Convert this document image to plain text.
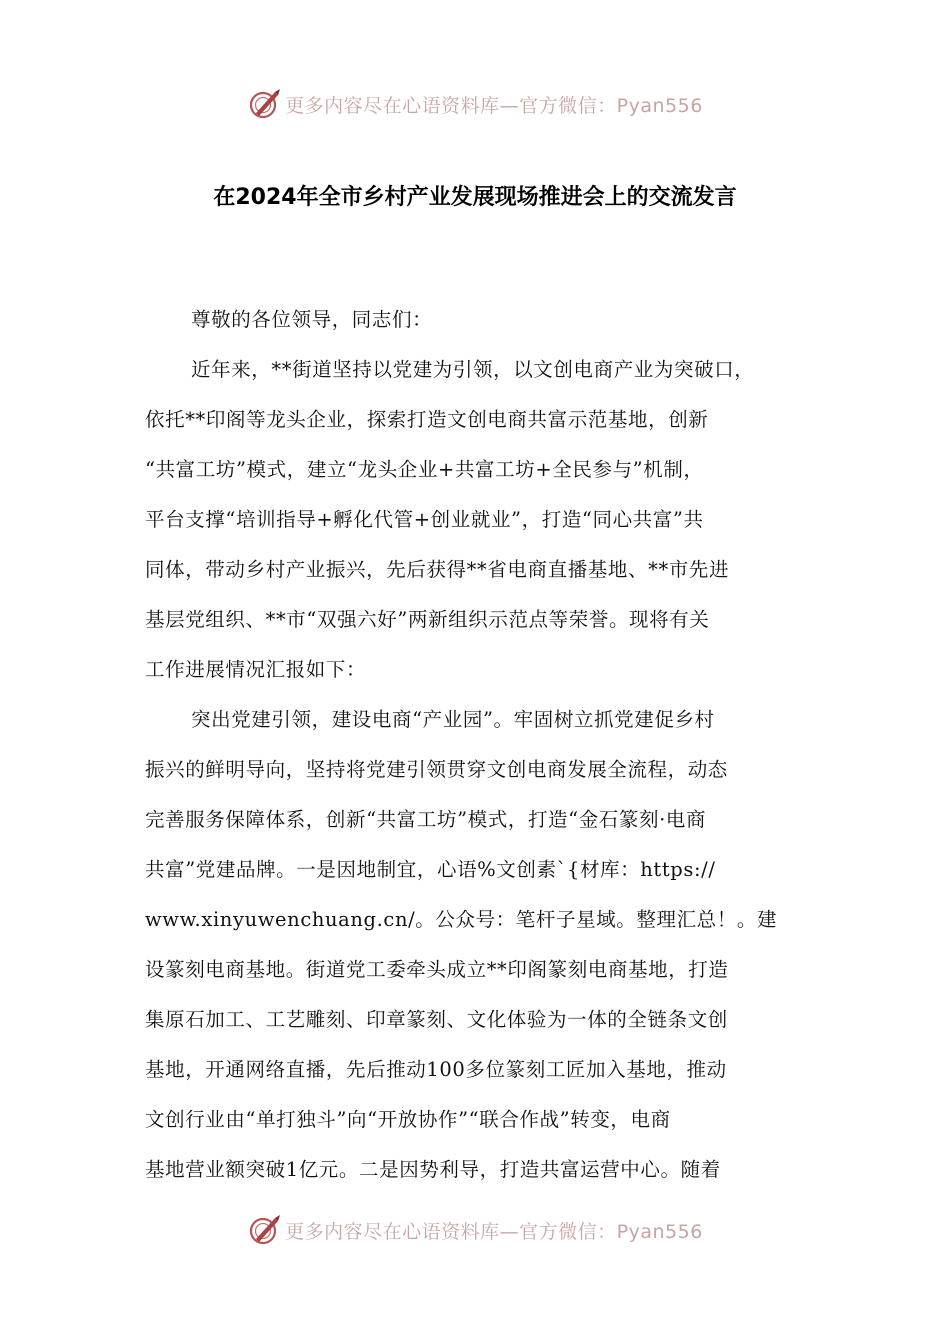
更多内容尽在心语资料库—官方微信：Pyan556
在2024年全市乡村产业发展现场推进会上的交流发言
尊敬的各位领导，同志们：
近年来，**街道坚持以党建为引领，以文创电商产业为突破口，
依托**印阁等龙头企业，探索打造文创电商共富示范基地，创新
“共富工坊”模式，建立“龙头企业+共富工坊+全民参与”机制，
平台支撑“培训指导+孵化代管+创业就业”，打造“同心共富”共
同体，带动乡村产业振兴，先后获得**省电商直播基地、**市先进
基层党组织、**市“双强六好”两新组织示范点等荣誉。现将有关
工作进展情况汇报如下：
突出党建引领，建设电商“产业园”。牢固树立抓党建促乡村
振兴的鲜明导向，坚持将党建引领贯穿文创电商发展全流程，动态
完善服务保障体系，创新“共富工坊”模式，打造“金石篆刻·电商
共富”党建品牌。一是因地制宜，心语%文创素`{材库：https://
www.xinyuwenchuang.cn/。公众号：笔杆子星域。整理汇总！。建
设篆刻电商基地。街道党工委牵头成立**印阁篆刻电商基地，打造
集原石加工、工艺雕刻、印章篆刻、文化体验为一体的全链条文创
基地，开通网络直播，先后推动100多位篆刻工匠加入基地，推动
文创行业由“单打独斗”向“开放协作”“联合作战”转变，电商
基地营业额突破1亿元。二是因势利导，打造共富运营中心。随着
更多内容尽在心语资料库—官方微信：Pyan556
